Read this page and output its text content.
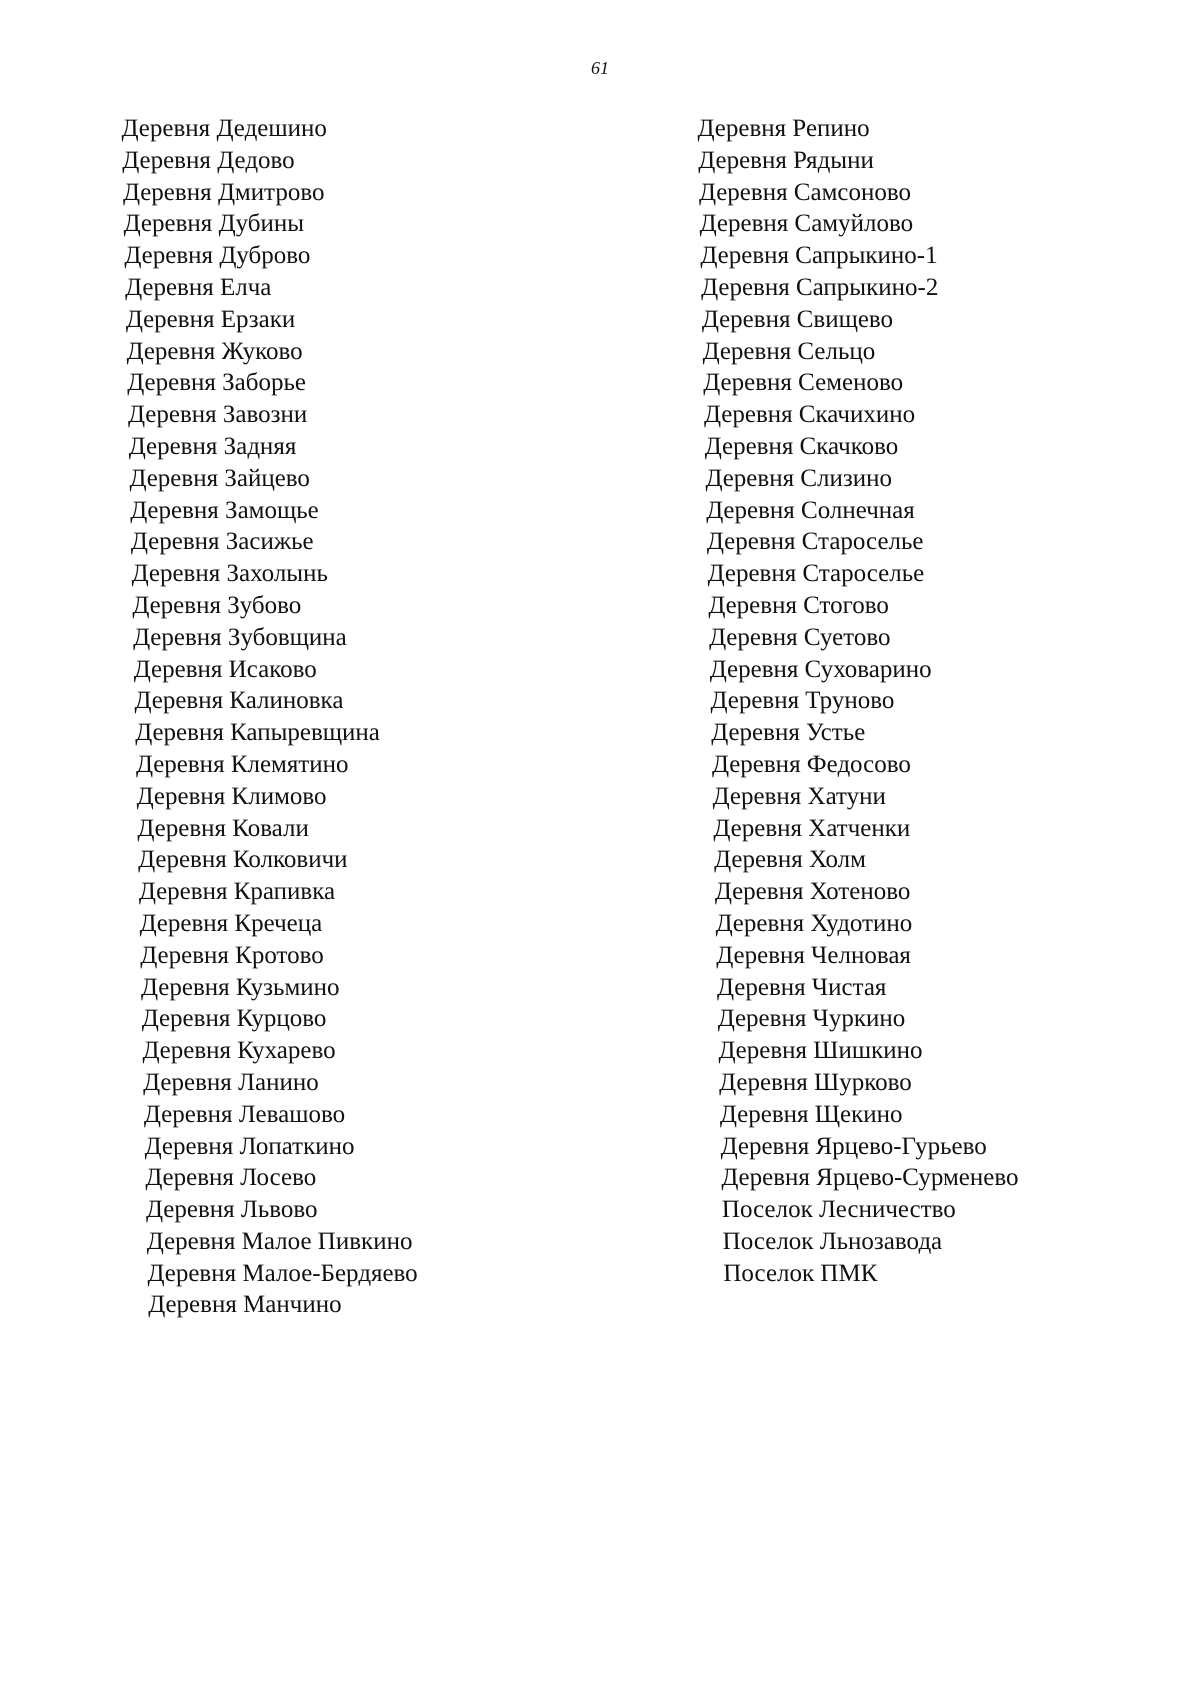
61
Деревня Дедешино
Деревня Дедово
Деревня Дмитрово
Деревня Дубины
Деревня Дуброво
Деревня Елча
Деревня Ерзаки
Деревня Жуково
Деревня Заборье
Деревня Завозни
Деревня Задняя
Деревня Зайцево
Деревня Замощье
Деревня Засижье
Деревня Захолынь
Деревня Зубово
Деревня Зубовщина
Деревня Исаково
Деревня Калиновка
Деревня Капыревщина
Деревня Клемятино
Деревня Климово
Деревня Ковали
Деревня Колковичи
Деревня Крапивка
Деревня Кречеца
Деревня Кротово
Деревня Кузьмино
Деревня Курцово
Деревня Кухарево
Деревня Ланино
Деревня Левашово
Деревня Лопаткино
Деревня Лосево
Деревня Львово
Деревня Малое Пивкино
Деревня Малое-Бердяево
Деревня Манчино
Деревня Репино
Деревня Рядыни
Деревня Самсоново
Деревня Самуйлово
Деревня Сапрыкино-1
Деревня Сапрыкино-2
Деревня Свищево
Деревня Сельцо
Деревня Семеново
Деревня Скачихино
Деревня Скачково
Деревня Слизино
Деревня Солнечная
Деревня Староселье
Деревня Староселье
Деревня Стогово
Деревня Суетово
Деревня Суховарино
Деревня Труново
Деревня Устье
Деревня Федосово
Деревня Хатуни
Деревня Хатченки
Деревня Холм
Деревня Хотеново
Деревня Худотино
Деревня Челновая
Деревня Чистая
Деревня Чуркино
Деревня Шишкино
Деревня Шурково
Деревня Щекино
Деревня Ярцево-Гурьево
Деревня Ярцево-Сурменево
Поселок Лесничество
Поселок Льнозавода
Поселок ПМК
